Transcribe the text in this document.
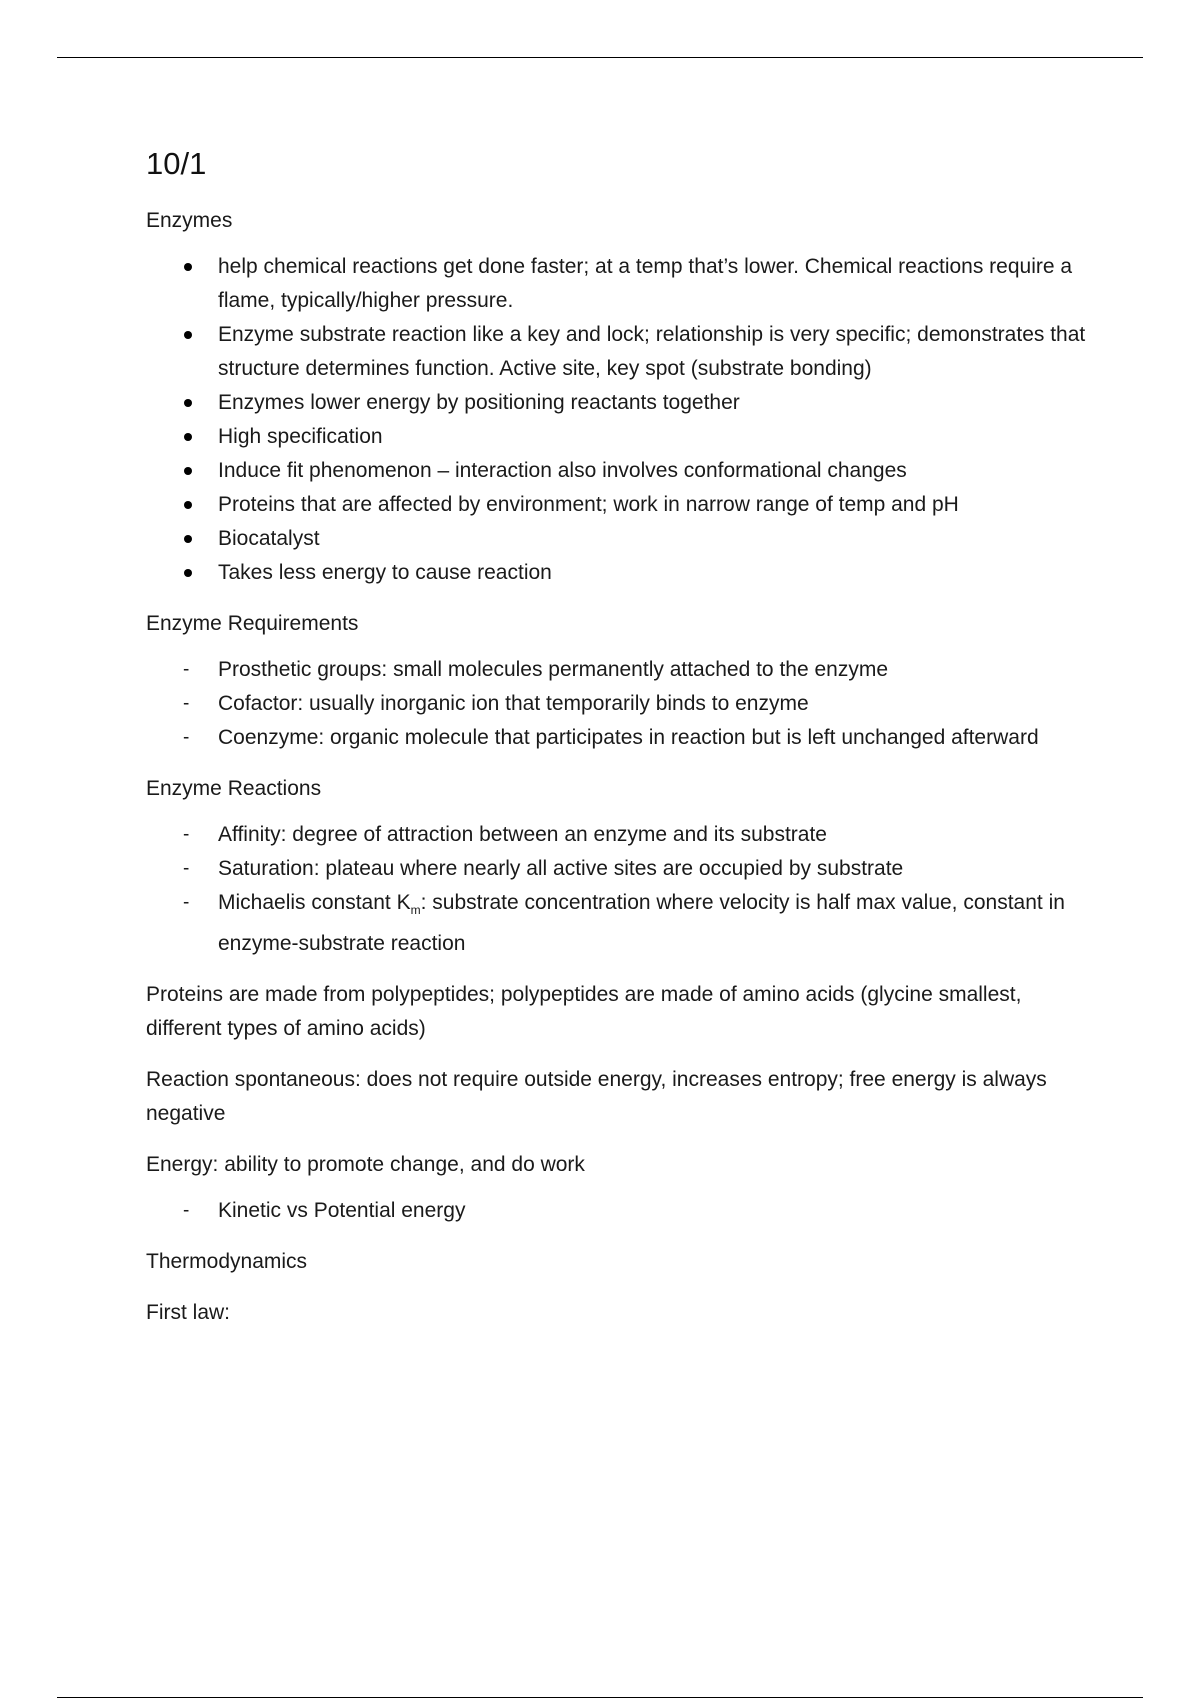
10/1

Enzymes

help chemical reactions get done faster; at a temp that’s lower. Chemical reactions require a flame, typically/higher pressure.
Enzyme substrate reaction like a key and lock; relationship is very specific; demonstrates that structure determines function. Active site, key spot (substrate bonding)
Enzymes lower energy by positioning reactants together
High specification
Induce fit phenomenon – interaction also involves conformational changes
Proteins that are affected by environment; work in narrow range of temp and pH
Biocatalyst
Takes less energy to cause reaction

Enzyme Requirements

- Prosthetic groups: small molecules permanently attached to the enzyme
- Cofactor: usually inorganic ion that temporarily binds to enzyme
- Coenzyme: organic molecule that participates in reaction but is left unchanged afterward

Enzyme Reactions

- Affinity: degree of attraction between an enzyme and its substrate
- Saturation: plateau where nearly all active sites are occupied by substrate
- Michaelis constant $K_m$: substrate concentration where velocity is half max value, constant in enzyme-substrate reaction

Proteins are made from polypeptides; polypeptides are made of amino acids (glycine smallest, different types of amino acids)

Reaction spontaneous: does not require outside energy, increases entropy; free energy is always negative

Energy: ability to promote change, and do work

- Kinetic vs Potential energy

Thermodynamics

First law:
